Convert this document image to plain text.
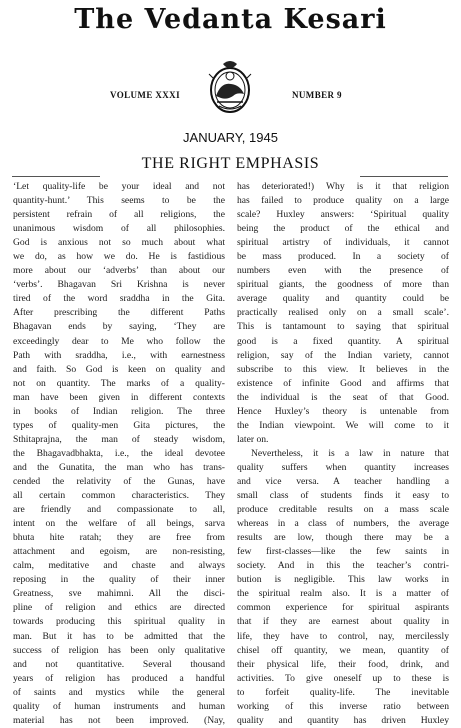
The Vedanta Kesari
VOLUME XXXI	NUMBER 9
JANUARY, 1945
THE RIGHT EMPHASIS
‘Let quality-life be your ideal and not
quantity-hunt.’ This seems to be the
persistent refrain of all religions, the
unanimous wisdom of all philosophies.
God is anxious not so much about what
we do, as how we do. He is fastidious
more about our ‘adverbs’ than about our
‘verbs’. Bhagavan Sri Krishna is never
tired of the word sraddha in the Gita.
After prescribing the different Paths
Bhagavan ends by saying, ‘They are
exceedingly dear to Me who follow the
Path with sraddha, i.e., with earnestness
and faith. So God is keen on quality and
not on quantity. The marks of a quality-
man have been given in different contexts
in books of Indian religion. The three
types of quality-men Gita pictures, the
Sthitaprajna, the man of steady wisdom,
the Bhagavadbhakta, i.e., the ideal devotee
and the Gunatita, the man who has trans-
cended the relativity of the Gunas, have
all certain common characteristics. They
are friendly and compassionate to all,
intent on the welfare of all beings, sarva
bhuta hite ratah; they are free from
attachment and egoism, are non-resisting,
calm, meditative and chaste and always
reposing in the quality of their inner
Greatness, sve mahimni. All the disci-
pline of religion and ethics are directed
towards producing this spiritual quality in
man. But it has to be admitted that the
success of religion has been only qualitative
and not quantitative. Several thousand
years of religion has produced a handful
of saints and mystics while the general
quality of human instruments and human
material has not been improved. (Nay,
has deteriorated!) Why is it that religion
has failed to produce quality on a large
scale? Huxley answers: ‘Spiritual quality
being the product of the ethical and
spiritual artistry of individuals, it cannot
be mass produced. In a society of
numbers even with the presence of
spiritual giants, the goodness of more than
average quality and quantity could be
practically realised only on a small scale’.
This is tantamount to saying that spiritual
good is a fixed quantity. A spiritual
religion, say of the Indian variety, cannot
subscribe to this view. It believes in the
existence of infinite Good and affirms that
the individual is the seat of that Good.
Hence Huxley’s theory is untenable from
the Indian viewpoint. We will come to it
later on.
Nevertheless, it is a law in nature that
quality suffers when quantity increases
and vice versa. A teacher handling a
small class of students finds it easy to
produce creditable results on a mass scale
whereas in a class of numbers, the average
results are low, though there may be a
few first-classes—like the few saints in
society. And in this the teacher’s contri-
bution is negligible. This law works in
the spiritual realm also. It is a matter of
common experience for spiritual aspirants
that if they are earnest about quality in
life, they have to control, nay, mercilessly
chisel off quantity, we mean, quantity of
their physical life, their food, drink, and
activities. To give oneself up to these is
to forfeit quality-life. The inevitable
working of this inverse ratio between
quality and quantity has driven Huxley
